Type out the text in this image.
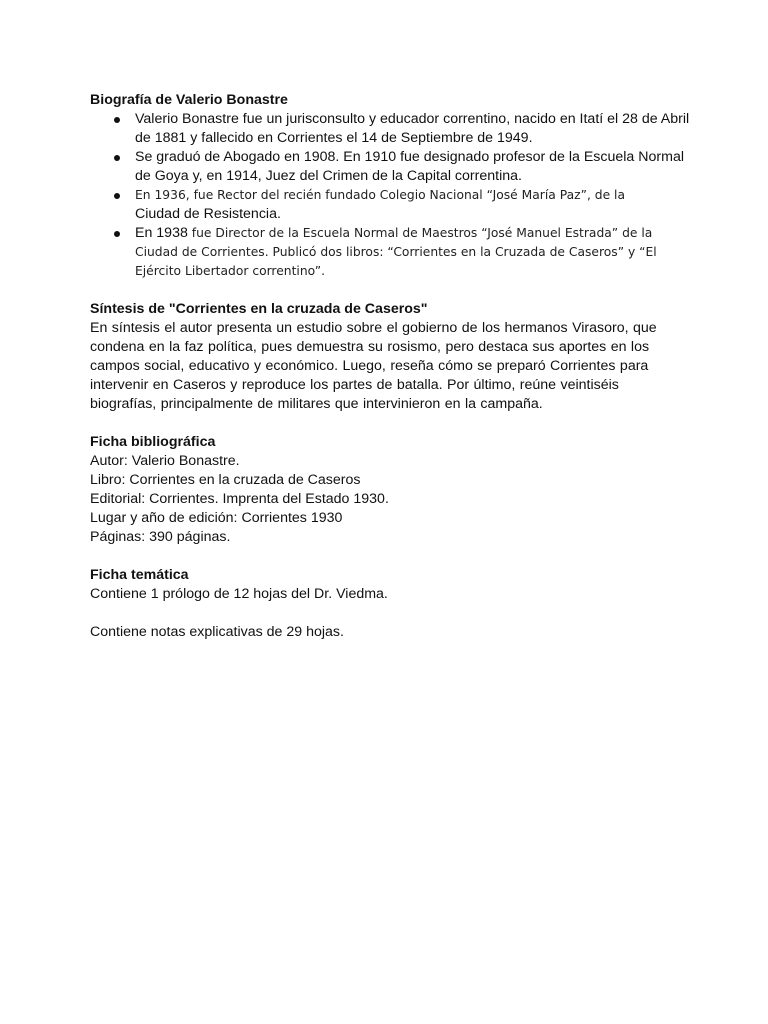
Biografía de Valerio Bonastre

Valerio Bonastre fue un jurisconsulto y educador correntino, nacido en Itatí el 28 de Abril
de 1881 y fallecido en Corrientes el 14 de Septiembre de 1949.
Se graduó de Abogado en 1908. En 1910 fue designado profesor de la Escuela Normal
de Goya y, en 1914, Juez del Crimen de la Capital correntina.
En 1936, fue Rector del recién fundado Colegio Nacional “José María Paz”, de la
Ciudad de Resistencia.
En 1938 fue Director de la Escuela Normal de Maestros “José Manuel Estrada” de la
Ciudad de Corrientes. Publicó dos libros: “Corrientes en la Cruzada de Caseros” y “El
Ejército Libertador correntino”.

Síntesis de "Corrientes en la cruzada de Caseros"

En síntesis el autor presenta un estudio sobre el gobierno de los hermanos Virasoro, que
condena en la faz política, pues demuestra su rosismo, pero destaca sus aportes en los
campos social, educativo y económico. Luego, reseña cómo se preparó Corrientes para
intervenir en Caseros y reproduce los partes de batalla. Por último, reúne veintiséis
biografías, principalmente de militares que intervinieron en la campaña.

Ficha bibliográfica

Autor: Valerio Bonastre.
Libro: Corrientes en la cruzada de Caseros
Editorial: Corrientes. Imprenta del Estado 1930.
Lugar y año de edición: Corrientes 1930
Páginas: 390 páginas.

Ficha temática

Contiene 1 prólogo de 12 hojas del Dr. Viedma.
Contiene notas explicativas de 29 hojas.
